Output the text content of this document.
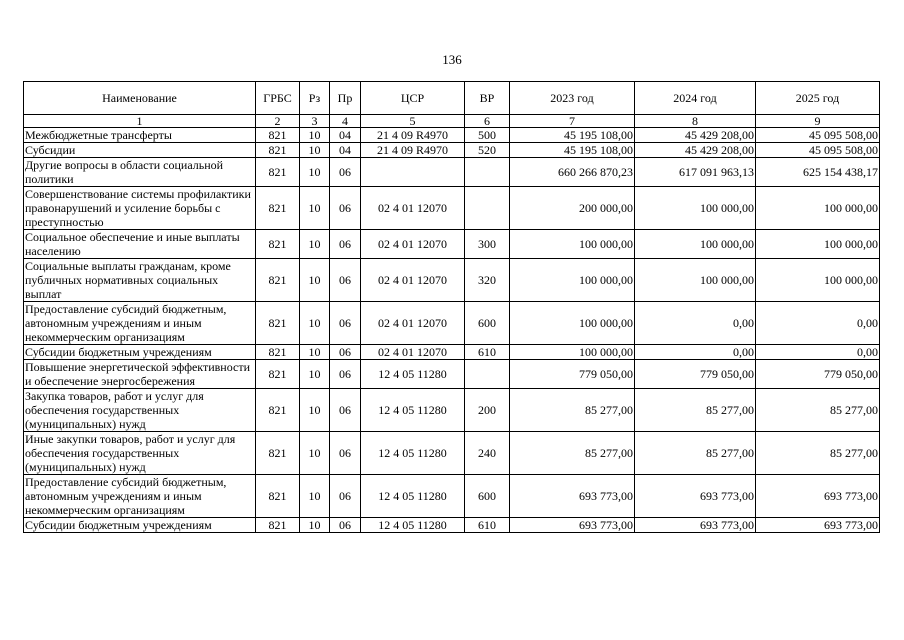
136
Наименование	ГРБС	Рз	Пр	ЦСР	ВР	2023 год	2024 год	2025 год
1	2	3	4	5	6	7	8	9
Межбюджетные трансферты	821	10	04	21 4 09 R4970	500	45 195 108,00	45 429 208,00	45 095 508,00
Субсидии	821	10	04	21 4 09 R4970	520	45 195 108,00	45 429 208,00	45 095 508,00
Другие вопросы в области социальной политики	821	10	06			660 266 870,23	617 091 963,13	625 154 438,17
Совершенствование системы профилактики правонарушений и усиление борьбы с преступностью	821	10	06	02 4 01 12070		200 000,00	100 000,00	100 000,00
Социальное обеспечение и иные выплаты населению	821	10	06	02 4 01 12070	300	100 000,00	100 000,00	100 000,00
Социальные выплаты гражданам, кроме публичных нормативных социальных выплат	821	10	06	02 4 01 12070	320	100 000,00	100 000,00	100 000,00
Предоставление субсидий бюджетным, автономным учреждениям и иным некоммерческим организациям	821	10	06	02 4 01 12070	600	100 000,00	0,00	0,00
Субсидии бюджетным учреждениям	821	10	06	02 4 01 12070	610	100 000,00	0,00	0,00
Повышение энергетической эффективности и обеспечение энергосбережения	821	10	06	12 4 05 11280		779 050,00	779 050,00	779 050,00
Закупка товаров, работ и услуг для обеспечения государственных (муниципальных) нужд	821	10	06	12 4 05 11280	200	85 277,00	85 277,00	85 277,00
Иные закупки товаров, работ и услуг для обеспечения государственных (муниципальных) нужд	821	10	06	12 4 05 11280	240	85 277,00	85 277,00	85 277,00
Предоставление субсидий бюджетным, автономным учреждениям и иным некоммерческим организациям	821	10	06	12 4 05 11280	600	693 773,00	693 773,00	693 773,00
Субсидии бюджетным учреждениям	821	10	06	12 4 05 11280	610	693 773,00	693 773,00	693 773,00
